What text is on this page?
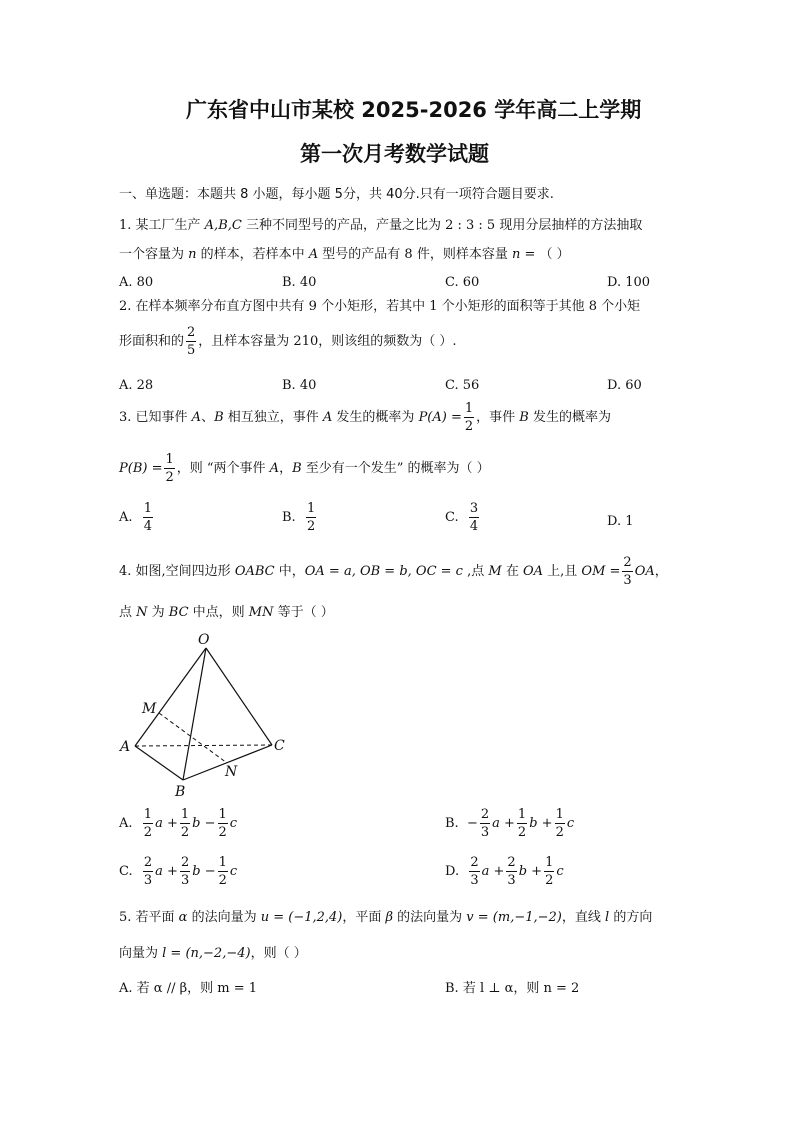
广东省中山市某校 2025-2026 学年高二上学期
第一次月考数学试题
一、单选题：本题共 8 小题，每小题 5分，共 40分.只有一项符合题目要求.
1. 某工厂生产 A,B,C 三种不同型号的产品，产量之比为 2 : 3 : 5 现用分层抽样的方法抽取
一个容量为 n 的样本，若样本中 A 型号的产品有 8 件，则样本容量 n = （ ）
A. 80	B. 40	C. 60	D. 100
2. 在样本频率分布直方图中共有 9 个小矩形，若其中 1 个小矩形的面积等于其他 8 个小矩
形面积和的 $\frac{2}{5}$ ，且样本容量为 210，则该组的频数为（ ）.
A. 28	B. 40	C. 56	D. 60
3. 已知事件 A、B 相互独立，事件 A 发生的概率为 $P(A) = \frac{1}{2}$ ，事件 B 发生的概率为
$P(B) = \frac{1}{2}$ ，则 “两个事件 A，B 至少有一个发生” 的概率为（ ）
A. $\frac{1}{4}$	B. $\frac{1}{2}$	C. $\frac{3}{4}$	D. 1
4. 如图,空间四边形 OABC 中，OA = a, OB = b, OC = c ,点 M 在 OA 上,且 OM = $\frac{2}{3}$ OA，
点 N 为 BC 中点，则 MN 等于（ ）
O
M
A	C
N
B
A. $\frac{1}{2}$ $a + \frac{1}{2}$ $b - \frac{1}{2}$ c	B. − $\frac{2}{3}$ $a + \frac{1}{2}$ $b + \frac{1}{2}$ c
C. $\frac{2}{3}$ $a + \frac{2}{3}$ $b - \frac{1}{2}$ c	D. $\frac{2}{3}$ $a + \frac{2}{3}$ $b + \frac{1}{2}$ c
5. 若平面 α 的法向量为 u = (−1,2,4)，平面 β 的法向量为 v = (m,−1,−2)，直线 l 的方向
向量为 l = (n,−2,−4)，则（ ）
A. 若 α // β，则 m = 1	B. 若 l ⊥ α，则 n = 2
